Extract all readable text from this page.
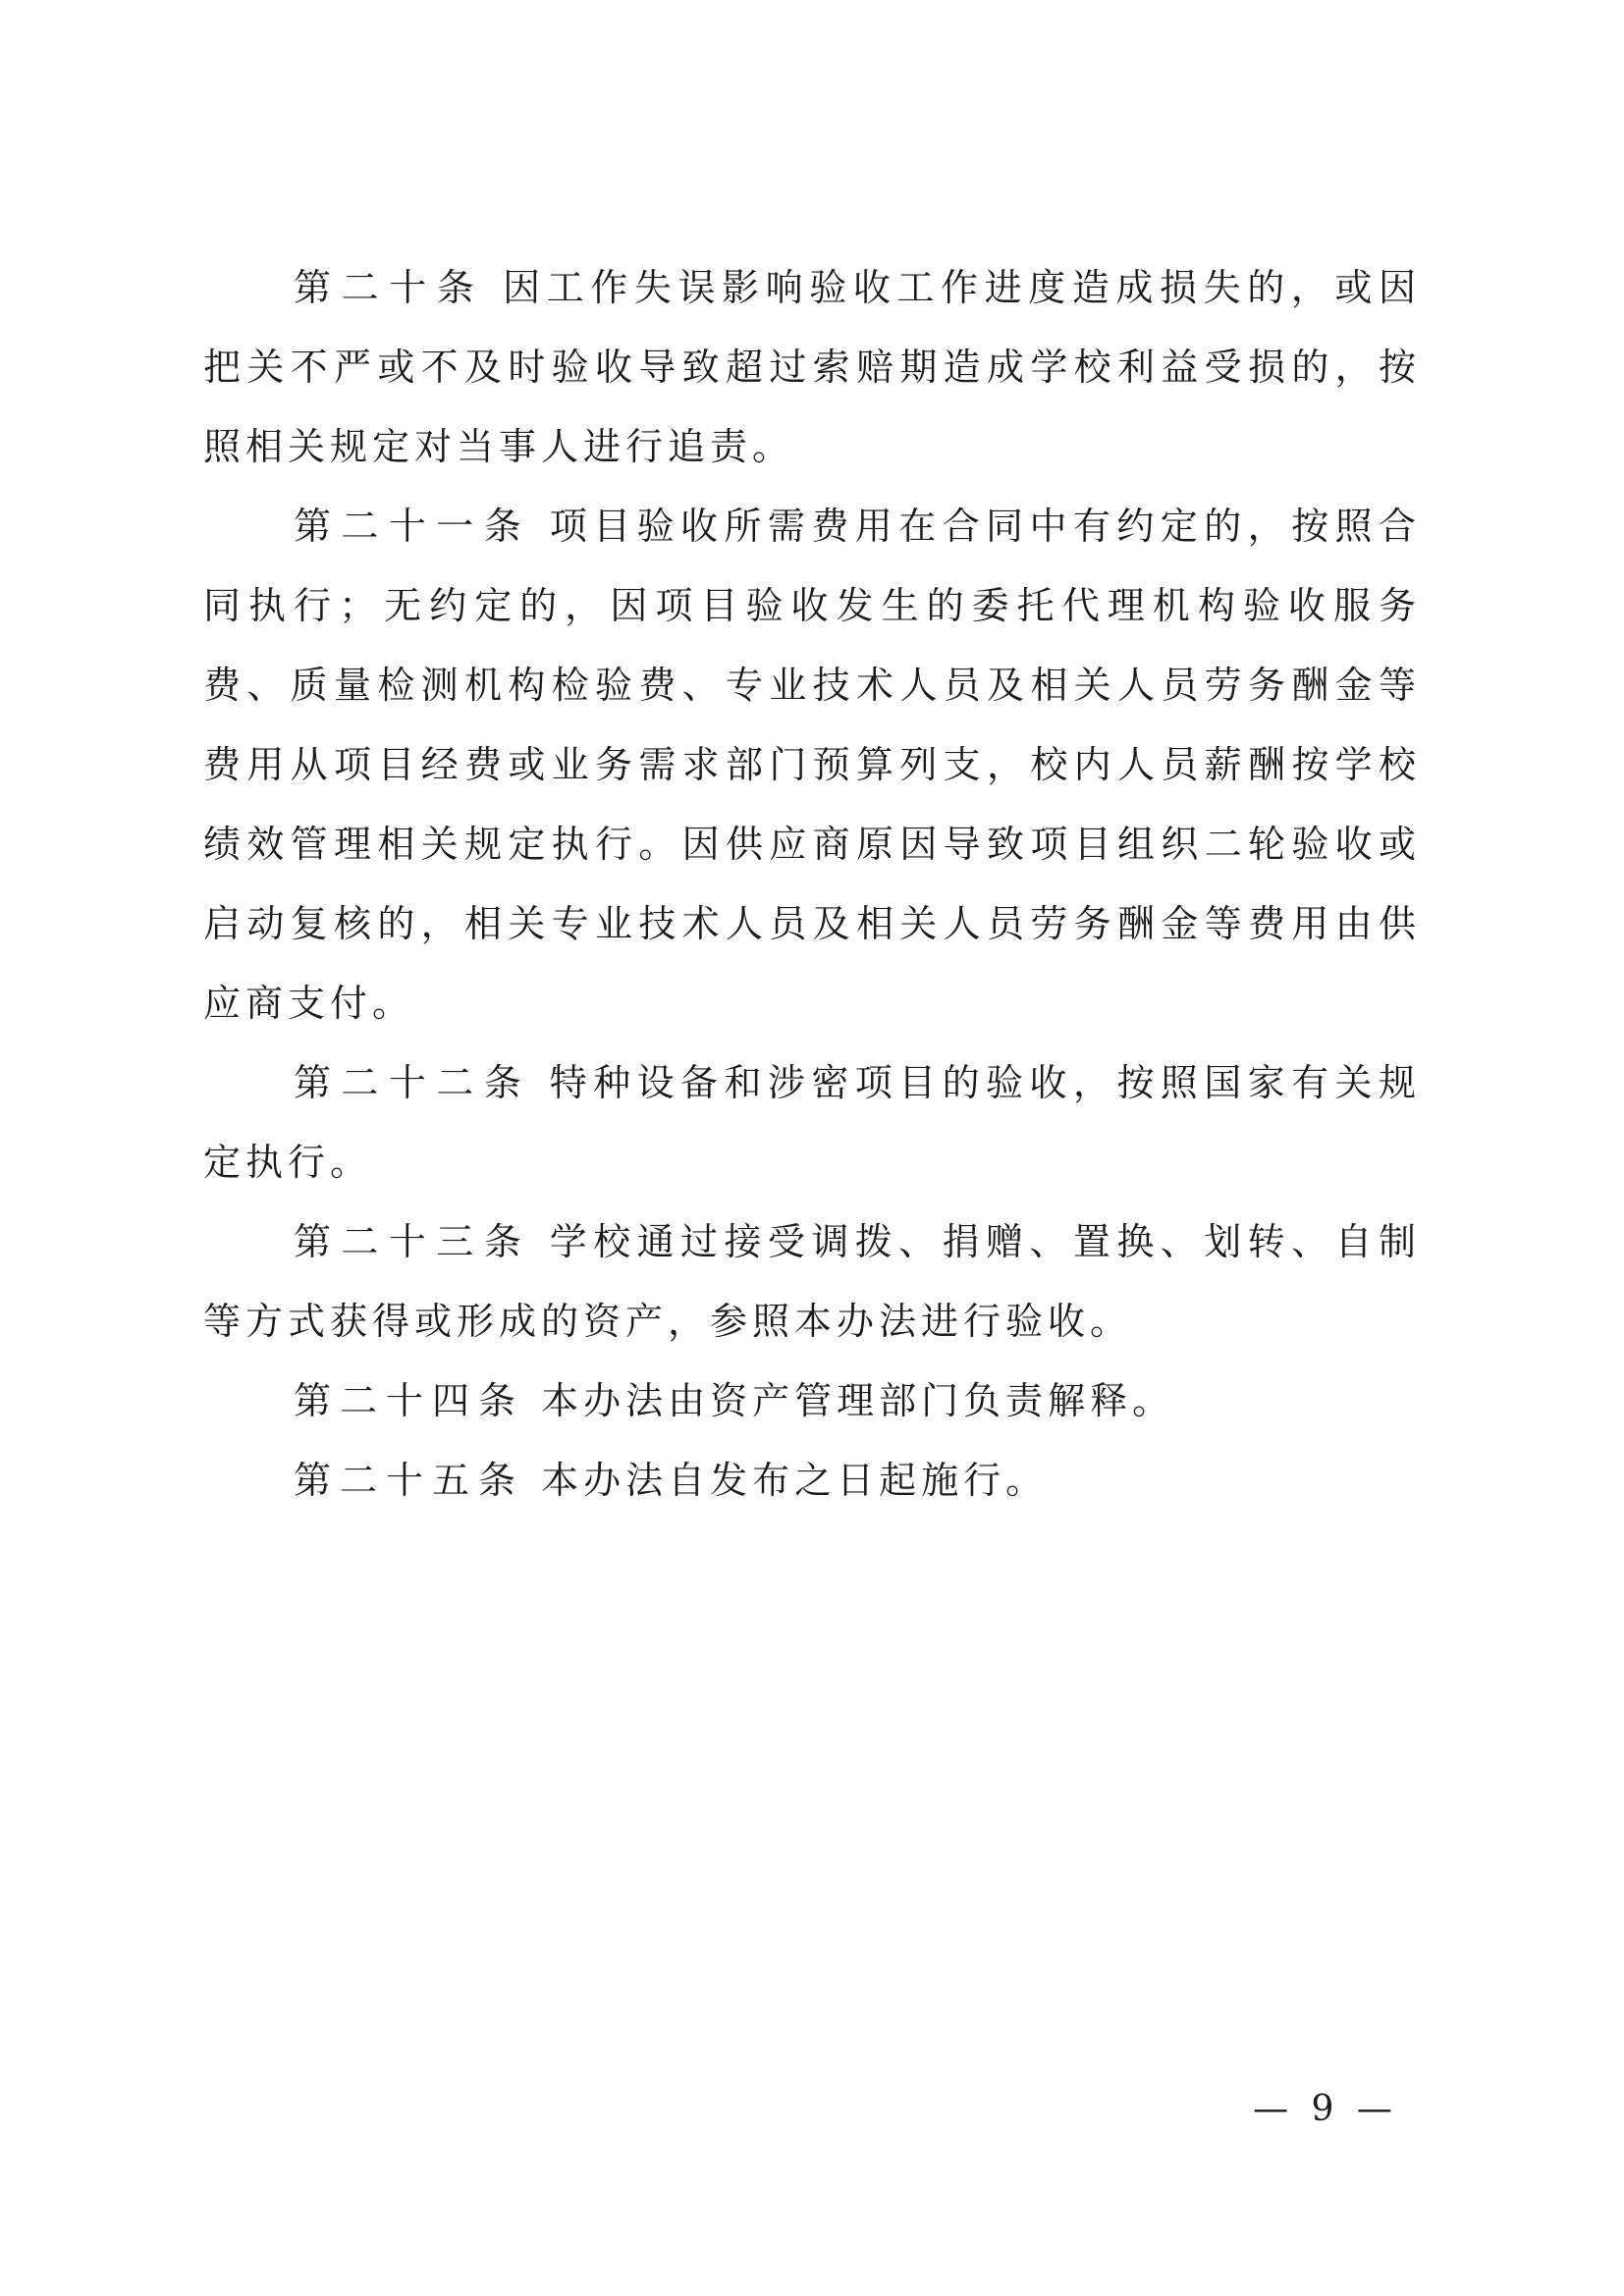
第二十条 因工作失误影响验收工作进度造成损失的，或因把关不严或不及时验收导致超过索赔期造成学校利益受损的，按照相关规定对当事人进行追责。

第二十一条 项目验收所需费用在合同中有约定的，按照合同执行；无约定的，因项目验收发生的委托代理机构验收服务费、质量检测机构检验费、专业技术人员及相关人员劳务酬金等费用从项目经费或业务需求部门预算列支，校内人员薪酬按学校绩效管理相关规定执行。因供应商原因导致项目组织二轮验收或启动复核的，相关专业技术人员及相关人员劳务酬金等费用由供应商支付。

第二十二条 特种设备和涉密项目的验收，按照国家有关规定执行。

第二十三条 学校通过接受调拨、捐赠、置换、划转、自制等方式获得或形成的资产，参照本办法进行验收。

第二十四条 本办法由资产管理部门负责解释。

第二十五条 本办法自发布之日起施行。

— 9 —
